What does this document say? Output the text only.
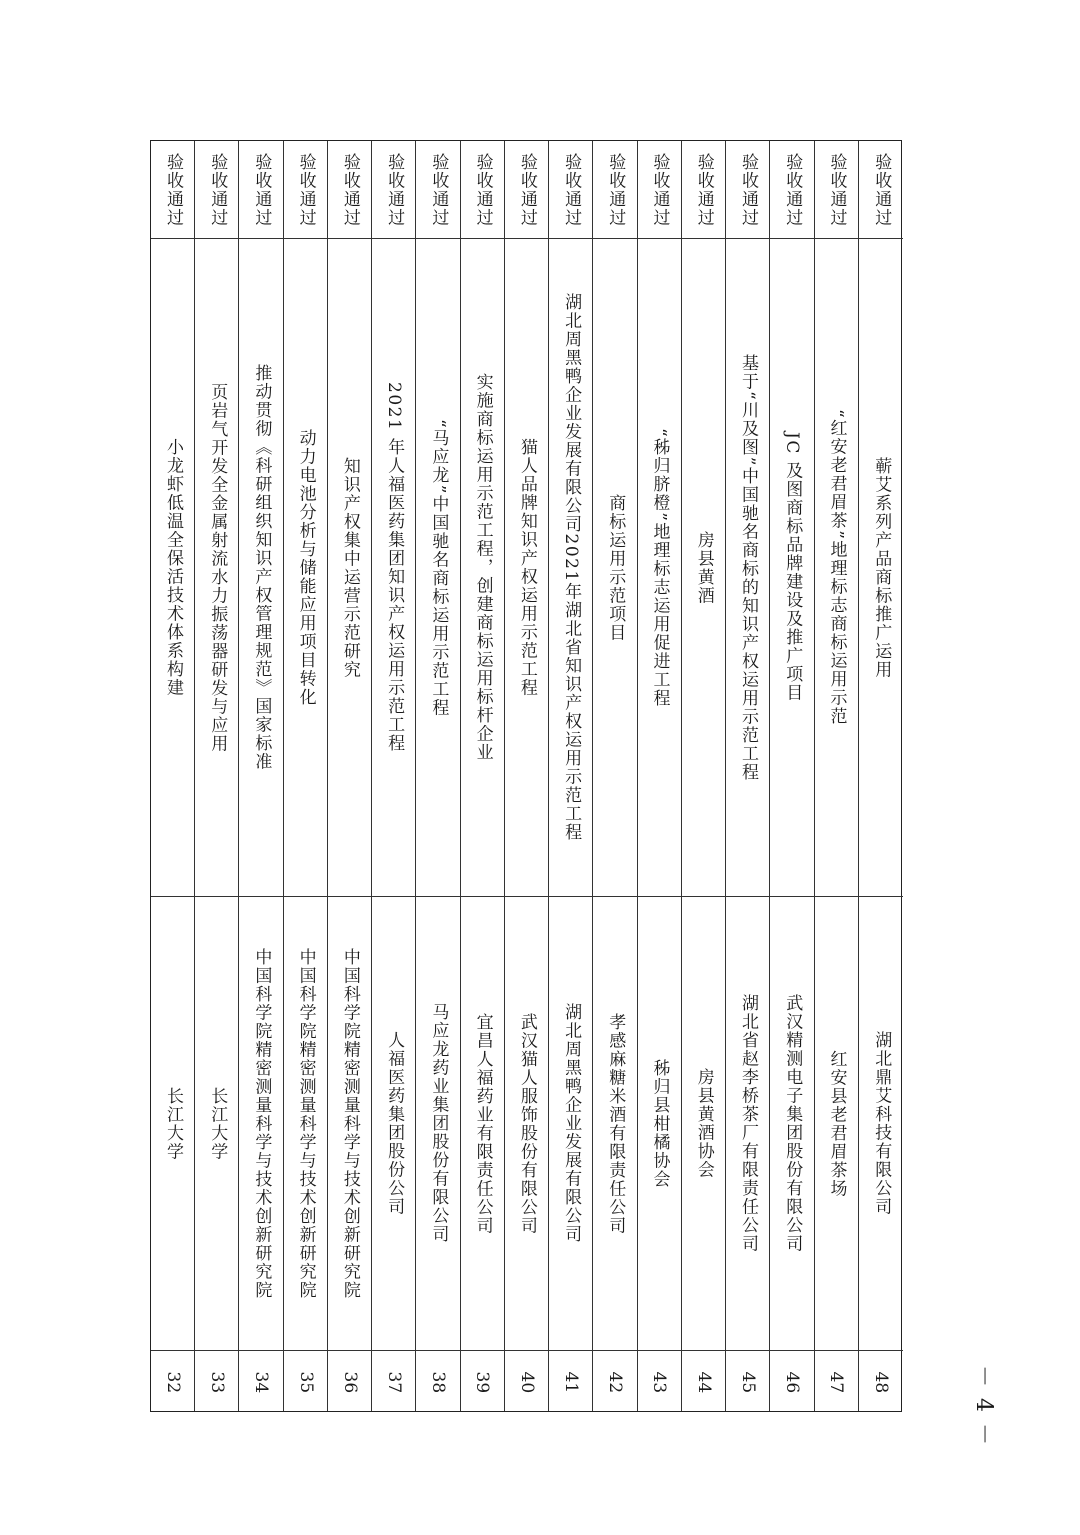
验收通过
小龙虾低温全保活技术体系构建
长江大学
32
验收通过
页岩气开发全金属射流水力振荡器研发与应用
长江大学
33
验收通过
推动贯彻《科研组织知识产权管理规范》国家标准
中国科学院精密测量科学与技术创新研究院
34
验收通过
动力电池分析与储能应用项目转化
中国科学院精密测量科学与技术创新研究院
35
验收通过
知识产权集中运营示范研究
中国科学院精密测量科学与技术创新研究院
36
验收通过
2021 年人福医药集团知识产权运用示范工程
人福医药集团股份公司
37
验收通过
“马应龙”中国驰名商标运用示范工程
马应龙药业集团股份有限公司
38
验收通过
实施商标运用示范工程，创建商标运用标杆企业
宜昌人福药业有限责任公司
39
验收通过
猫人品牌知识产权运用示范工程
武汉猫人服饰股份有限公司
40
验收通过
湖北周黑鸭企业发展有限公司2021年湖北省知识产权运用示范工程
湖北周黑鸭企业发展有限公司
41
验收通过
商标运用示范项目
孝感麻糖米酒有限责任公司
42
验收通过
“秭归脐橙”地理标志运用促进工程
秭归县柑橘协会
43
验收通过
房县黄酒
房县黄酒协会
44
验收通过
基于“川及图”中国驰名商标的知识产权运用示范工程
湖北省赵李桥茶厂有限责任公司
45
验收通过
JC 及图商标品牌建设及推广项目
武汉精测电子集团股份有限公司
46
验收通过
“红安老君眉茶”地理标志商标运用示范
红安县老君眉茶场
47
验收通过
蕲艾系列产品商标推广运用
湖北鼎艾科技有限公司
48	－ 4 －
